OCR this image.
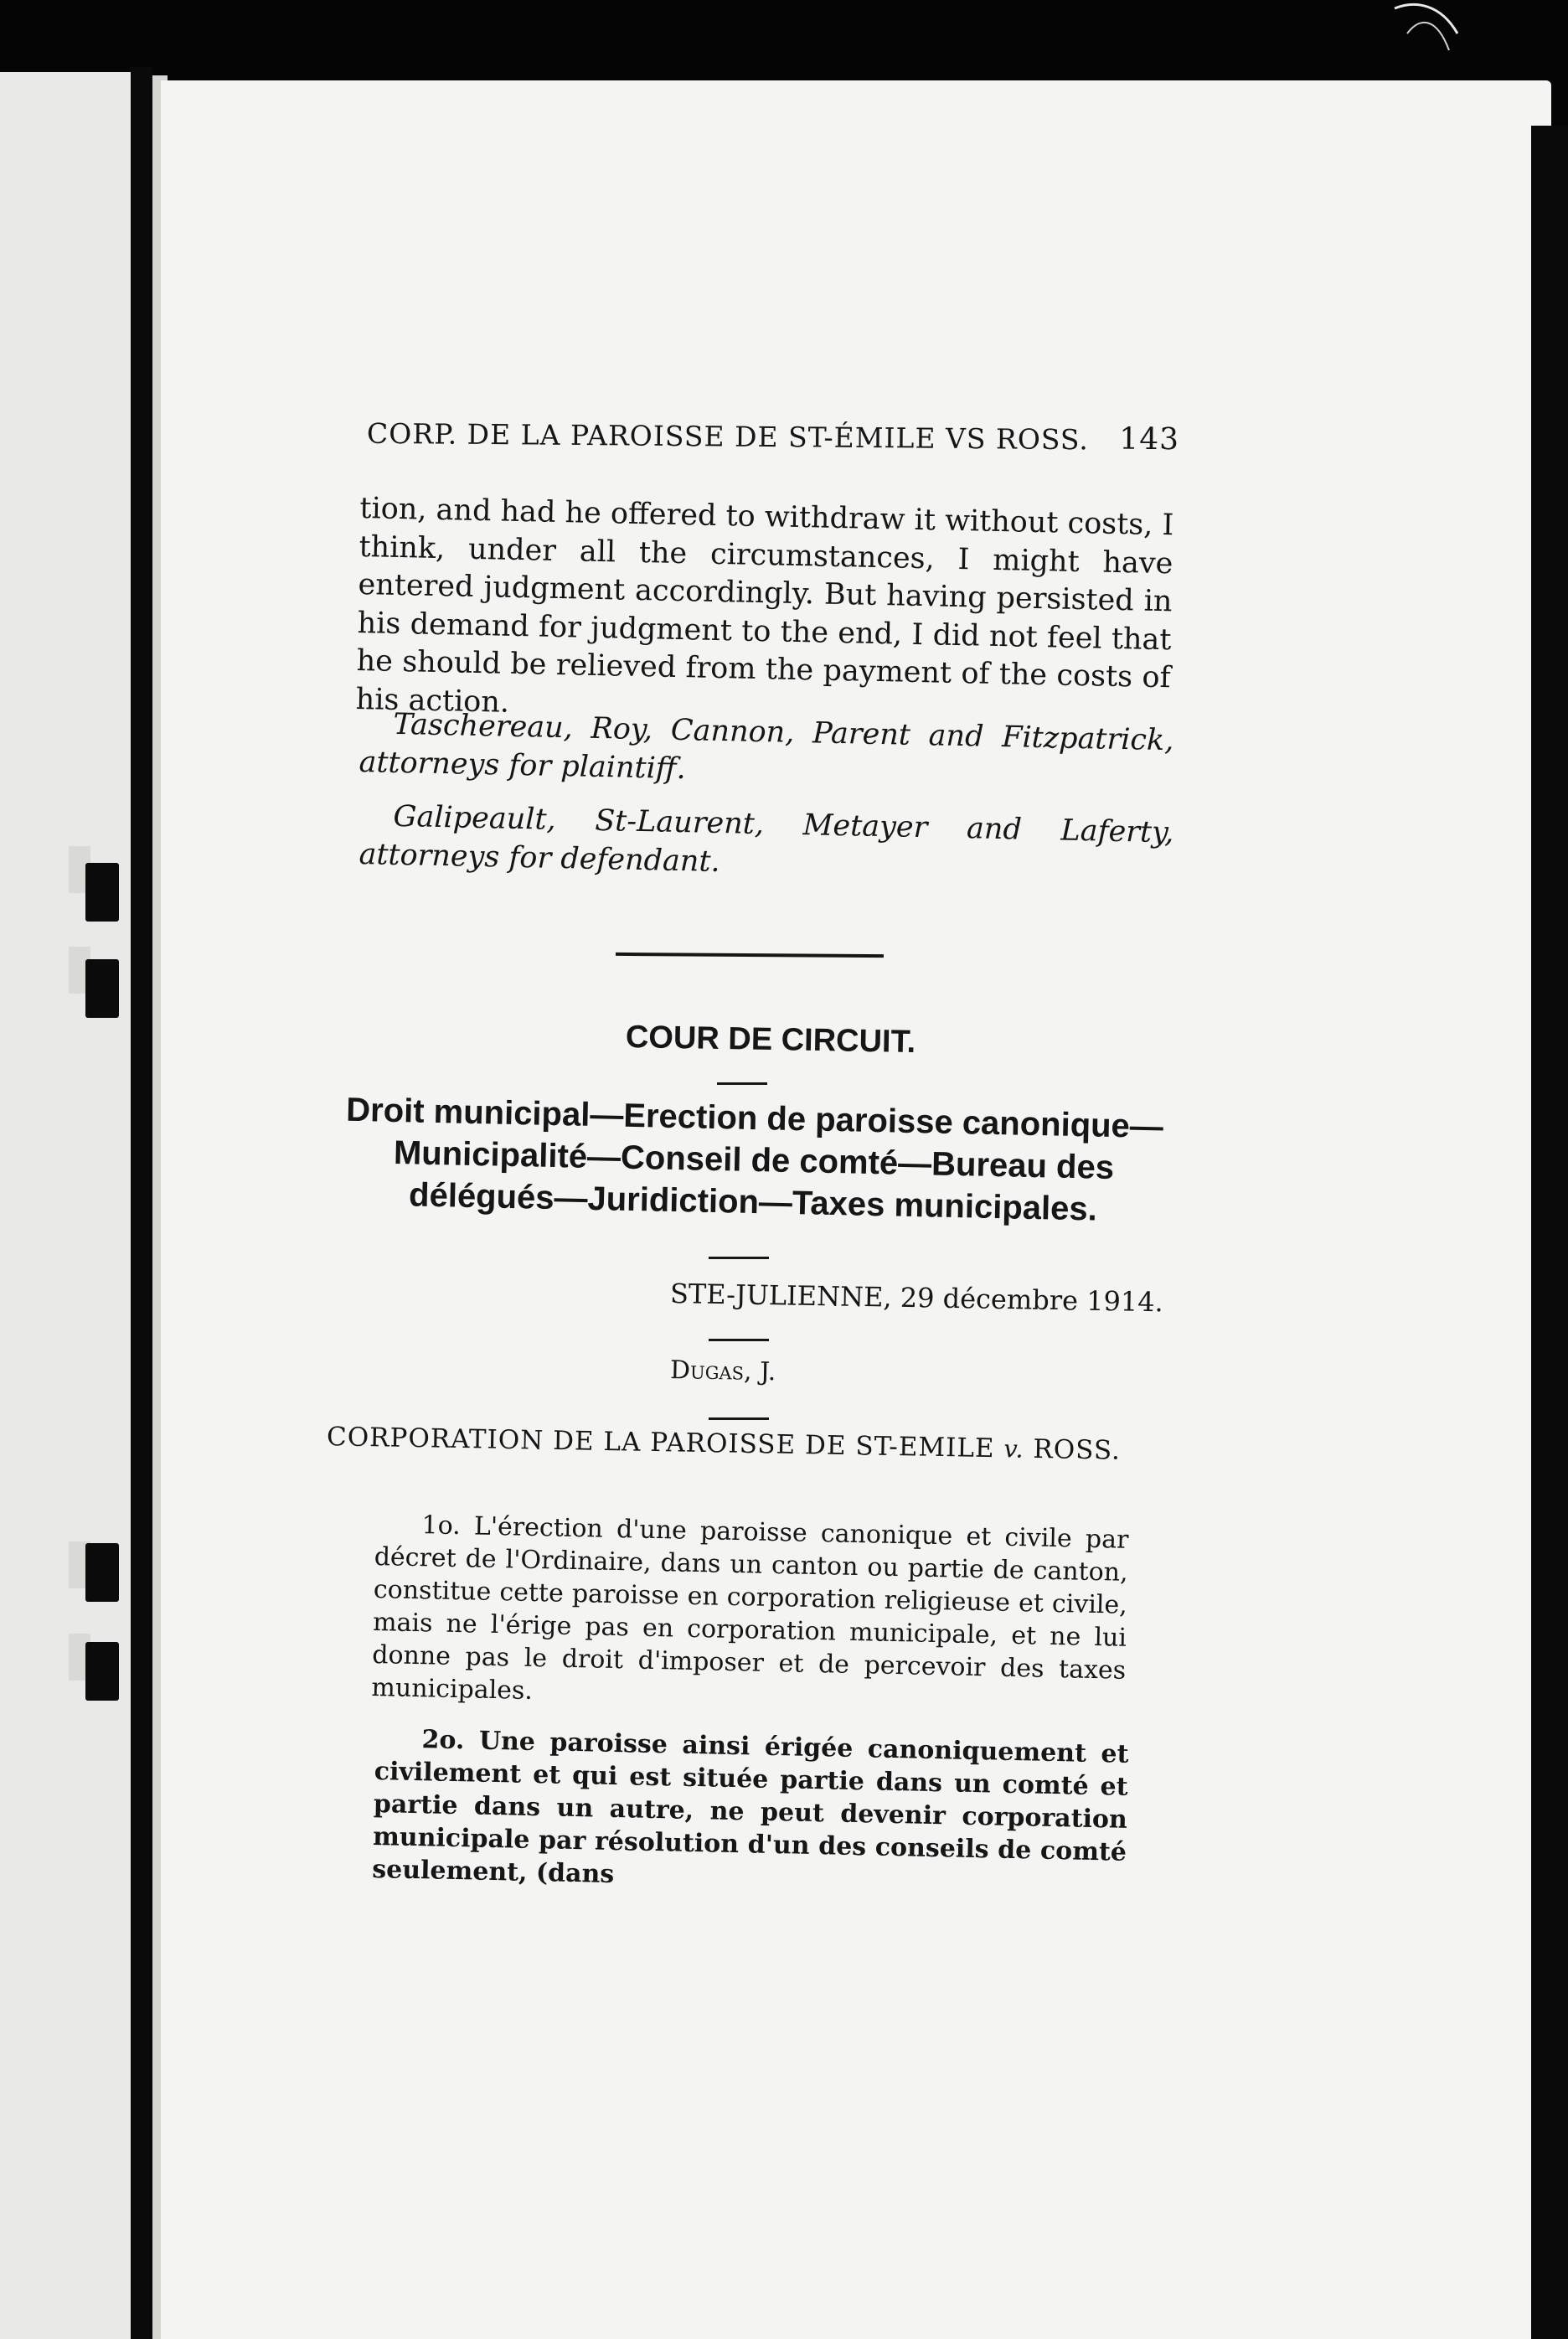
CORP. DE LA PAROISSE DE ST-ÉMILE VS ROSS. 143
tion, and had he offered to withdraw it without costs, I think, under all the circumstances, I might have entered judgment accordingly. But having persisted in his demand for judgment to the end, I did not feel that he should be relieved from the payment of the costs of his action.
Taschereau, Roy, Cannon, Parent and Fitzpatrick, attorneys for plaintiff.
Galipeault, St-Laurent, Metayer and Laferty, attorneys for defendant.
COUR DE CIRCUIT.
Droit municipal—Erection de paroisse canonique—Municipalité—Conseil de comté—Bureau des délégués—Juridiction—Taxes municipales.
STE-JULIENNE, 29 décembre 1914.
Dugas, J.
CORPORATION DE LA PAROISSE DE ST-EMILE v. ROSS.
1o. L'érection d'une paroisse canonique et civile par décret de l'Ordinaire, dans un canton ou partie de canton, constitue cette paroisse en corporation religieuse et civile, mais ne l'érige pas en corporation municipale, et ne lui donne pas le droit d'imposer et de percevoir des taxes municipales.
2o. Une paroisse ainsi érigée canoniquement et civilement et qui est située partie dans un comté et partie dans un autre, ne peut devenir corporation municipale par résolution d'un des conseils de comté seulement, (dans
